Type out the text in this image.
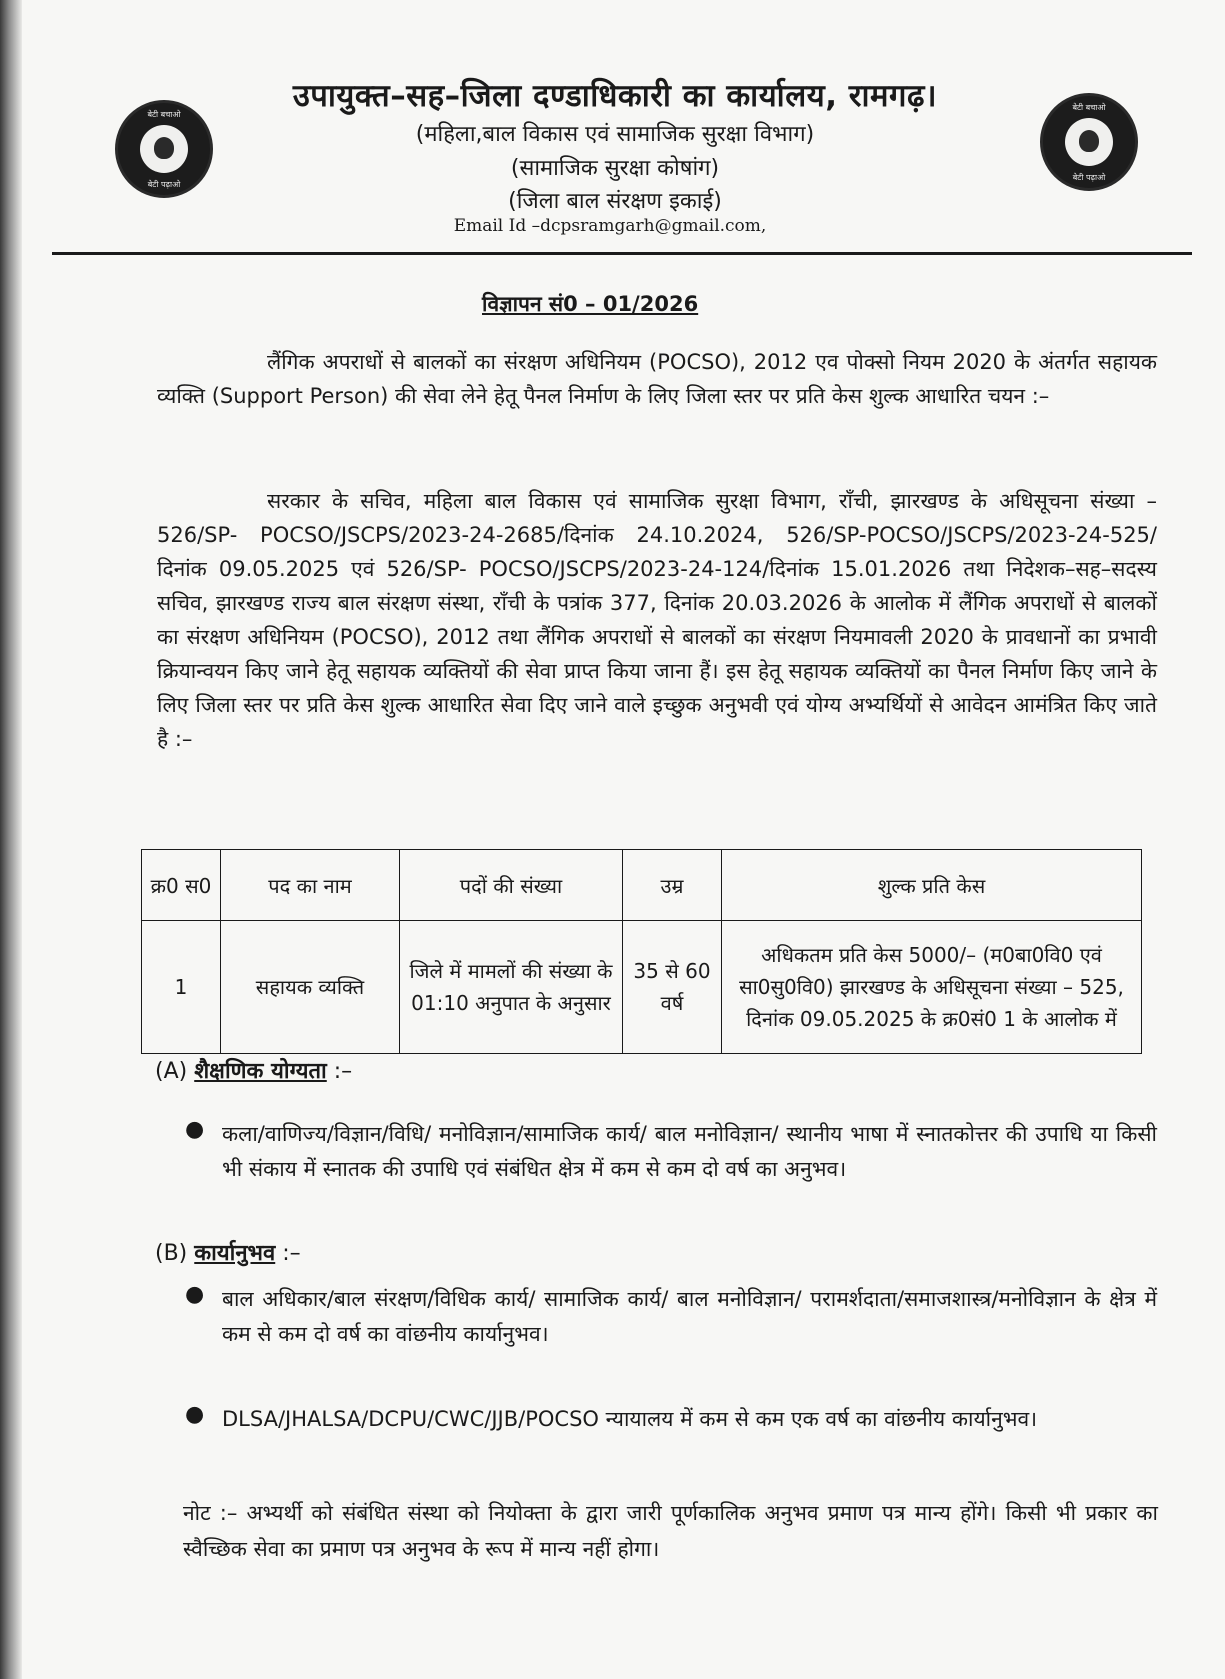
बेटी बचाओ
बेटी पढ़ाओ
बेटी बचाओ
बेटी पढ़ाओ
उपायुक्त–सह–जिला दण्डाधिकारी का कार्यालय, रामगढ़।
(महिला,बाल विकास एवं सामाजिक सुरक्षा विभाग)
(सामाजिक सुरक्षा कोषांग)
(जिला बाल संरक्षण इकाई)
Email Id –dcpsramgarh@gmail.com,
विज्ञापन सं0 – 01/2026
लैंगिक अपराधों से बालकों का संरक्षण अधिनियम (POCSO), 2012 एव पोक्सो नियम 2020 के अंतर्गत सहायक व्यक्ति (Support Person) की सेवा लेने हेतू पैनल निर्माण के लिए जिला स्तर पर प्रति केस शुल्क आधारित चयन :–
सरकार के सचिव, महिला बाल विकास एवं सामाजिक सुरक्षा विभाग, राँची, झारखण्ड के अधिसूचना संख्या – 526/SP- POCSO/JSCPS/2023-24-2685/दिनांक 24.10.2024, 526/SP-POCSO/JSCPS/2023-24-525/ दिनांक 09.05.2025 एवं 526/SP- POCSO/JSCPS/2023-24-124/दिनांक 15.01.2026 तथा निदेशक–सह–सदस्य सचिव, झारखण्ड राज्य बाल संरक्षण संस्था, राँची के पत्रांक 377, दिनांक 20.03.2026 के आलोक में लैंगिक अपराधों से बालकों का संरक्षण अधिनियम (POCSO), 2012 तथा लैंगिक अपराधों से बालकों का संरक्षण नियमावली 2020 के प्रावधानों का प्रभावी क्रियान्वयन किए जाने हेतू सहायक व्यक्तियों की सेवा प्राप्त किया जाना हैं। इस हेतू सहायक व्यक्तियों का पैनल निर्माण किए जाने के लिए जिला स्तर पर प्रति केस शुल्क आधारित सेवा दिए जाने वाले इच्छुक अनुभवी एवं योग्य अभ्यर्थियों से आवेदन आमंत्रित किए जाते है :–
क्र0 स0	पद का नाम	पदों की संख्या	उम्र	शुल्क प्रति केस
1	सहायक व्यक्ति	जिले में मामलों की संख्या के 01:10 अनुपात के अनुसार	35 से 60 वर्ष	अधिकतम प्रति केस 5000/– (म0बा0वि0 एवं सा0सु0वि0) झारखण्ड के अधिसूचना संख्या – 525, दिनांक 09.05.2025 के क्र0सं0 1 के आलोक में
(A) शैक्षणिक योग्यता :–
● कला/वाणिज्य/विज्ञान/विधि/ मनोविज्ञान/सामाजिक कार्य/ बाल मनोविज्ञान/ स्थानीय भाषा में स्नातकोत्तर की उपाधि या किसी भी संकाय में स्नातक की उपाधि एवं संबंधित क्षेत्र में कम से कम दो वर्ष का अनुभव।
(B) कार्यानुभव :–
● बाल अधिकार/बाल संरक्षण/विधिक कार्य/ सामाजिक कार्य/ बाल मनोविज्ञान/ परामर्शदाता/समाजशास्त्र/मनोविज्ञान के क्षेत्र में कम से कम दो वर्ष का वांछनीय कार्यानुभव।
● DLSA/JHALSA/DCPU/CWC/JJB/POCSO न्यायालय में कम से कम एक वर्ष का वांछनीय कार्यानुभव।
नोट :– अभ्यर्थी को संबंधित संस्था को नियोक्ता के द्वारा जारी पूर्णकालिक अनुभव प्रमाण पत्र मान्य होंगे। किसी भी प्रकार का स्वैच्छिक सेवा का प्रमाण पत्र अनुभव के रूप में मान्य नहीं होगा।
